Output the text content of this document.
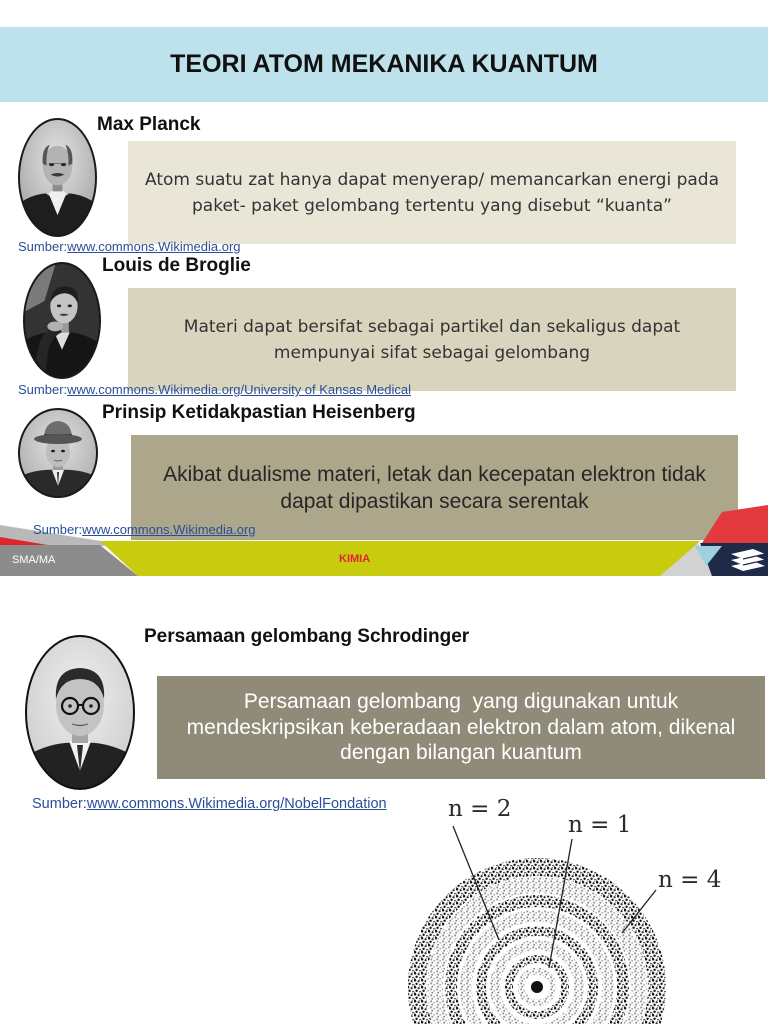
TEORI ATOM MEKANIKA KUANTUM
Max Planck
Atom suatu zat hanya dapat menyerap/ memancarkan energi pada paket- paket gelombang tertentu yang disebut “kuanta”
Sumber:www.commons.Wikimedia.org
Louis de Broglie
Materi dapat bersifat sebagai partikel dan sekaligus dapat mempunyai sifat sebagai gelombang
Sumber:www.commons.Wikimedia.org/University of Kansas Medical
Prinsip Ketidakpastian Heisenberg
Akibat dualisme materi, letak dan kecepatan elektron tidak dapat dipastikan secara serentak
SMA/MA	KIMIA
Sumber:www.commons.Wikimedia.org
Persamaan gelombang Schrodinger
Persamaan gelombang  yang digunakan untuk mendeskripsikan keberadaan elektron dalam atom, dikenal dengan bilangan kuantum
Sumber:www.commons.Wikimedia.org/NobelFondation	n = 2
n = 1
n = 4
